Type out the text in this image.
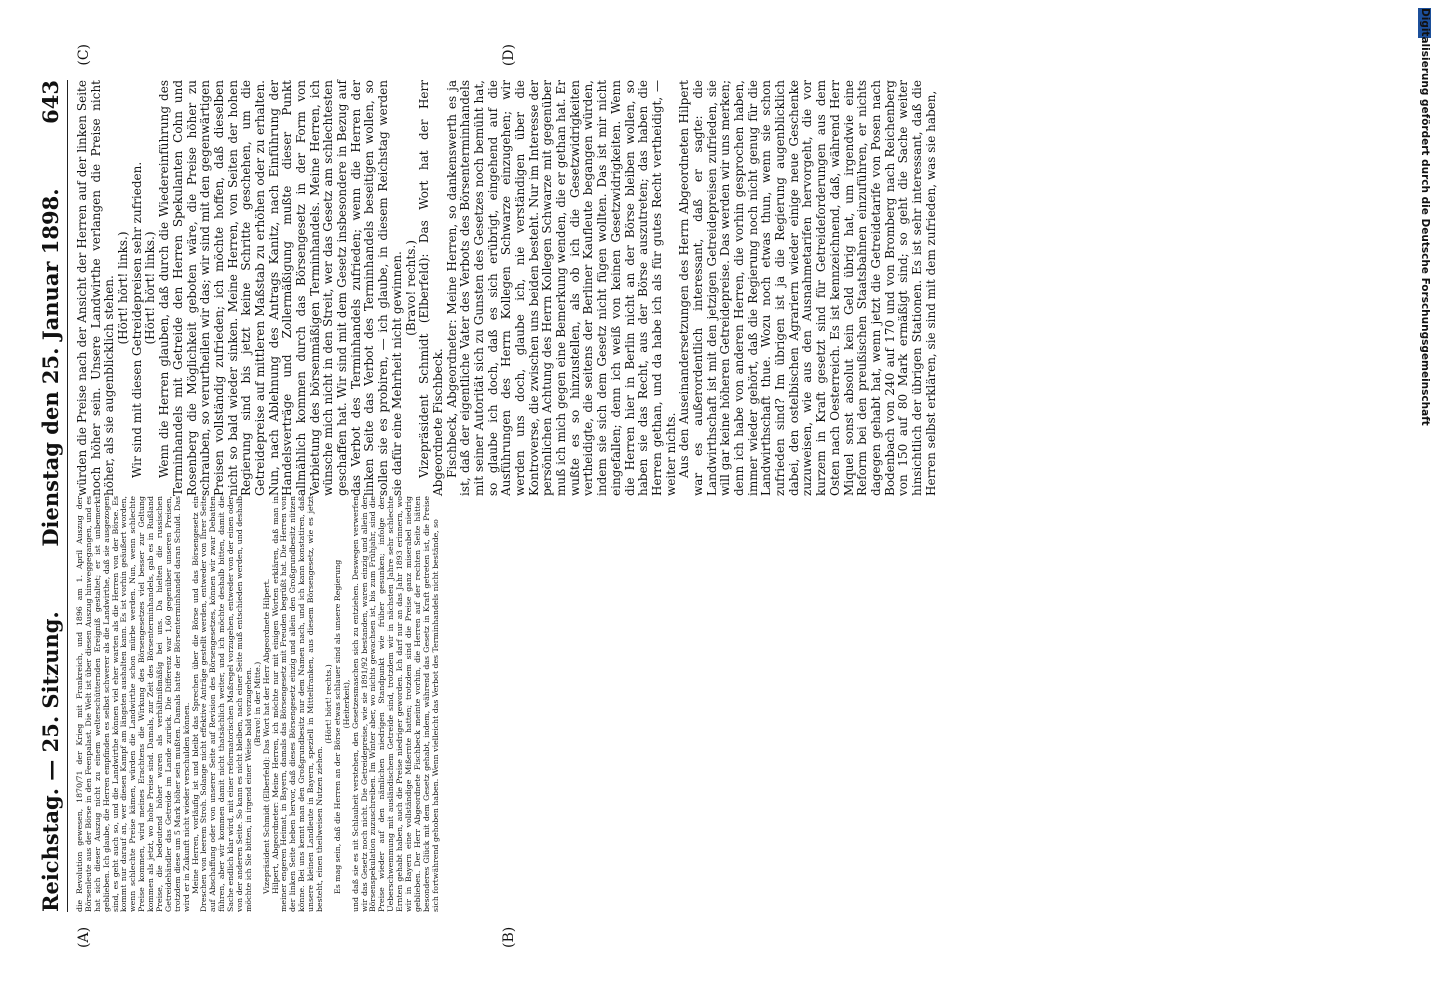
Reichstag. — 25. Sitzung.
Dienstag den 25. Januar 1898.
643
(A)	(B)
(C)	(D)

die Revolution gewesen, 1870/71 der Krieg mit Frankreich, und 1896 am 1. April Auszug der Börsenleute aus der Börse in den Feenpalast. Die Welt ist über diesen Auszug hinweggegangen, und es hat sich dieser Auszug nicht zu einem welterschütternden Ereigniß gestaltet; er ist unbemerkt geblieben. Ich glaube, die Herren empfinden es selbst schwerer als die Landwirthe, daß sie ausgezogen sind, es geht auch so, und die Landwirthe können viel eher warten als die Herren von der Börse. Es kommt nur darauf an, wer diesen Kampf am längsten aushalten kann. Es ist vorhin geäußert worden, wenn schlechte Preise kämen, würden die Landwirthe schon mürbe werden. Nun, wenn schlechte Preise kommen, wird meines Erachtens die Wirkung des Börsengesetzes viel besser zur Geltung kommen als jetzt, wo hohe Preise sind. Damals, zur Zeit des Börsenterminhandels, gab es in Rußland Preise, die bedeutend höher waren als verhältnißmäßig bei uns. Da hielten die russischen Getreidehändler das Getreide im Lande zurück. Die Differenz war 1,60 gegenüber unseren Preisen, trotzdem diese um 5 Mark höher sein mußten. Damals hatte der Börsenterminhandel daran Schuld. Das wird er in Zukunft nicht wieder verschulden können. Meine Herren, vorläufig ist und bleibt das Sprechen über die Börse und das Börsengesetz ein Dreschen von leerem Stroh. Solange nicht effektive Anträge gestellt werden, entweder von Ihrer Seite auf Abschaffung oder von unserer Seite auf Revision des Börsengesetzes, können wir zwar Debatten führen, aber wir kommen damit nicht thatsächlich weiter, und ich möchte deshalb bitten, damit die Sache endlich klar wird, mit einer reformatorischen Maßregel vorzugehen, entweder von der einen oder von der anderen Seite. So kann es nicht bleiben, nach einer Seite muß entschieden werden, und deshalb möchte ich Sie bitten, in irgend einer Weise bald vorzugehen. (Bravo! in der Mitte.) Vizepräsident Schmidt (Elberfeld): Das Wort hat der Herr Abgeordnete Hilpert. Hilpert, Abgeordneter: Meine Herren, ich möchte nur mit einigen Worten erklären, daß man in meiner engeren Heimat, in Bayern, damals das Börsengesetz mit Freuden begrüßt hat. Die Herren von der linken Seite heben hervor, daß dieses Börsengesetz einzig und allein den Großgrundbesitz nützen könne. Bei uns kennt man den Großgrundbesitz nur dem Namen nach, und ich kann konstatiren, daß unsere kleinen Landleute in Bayern, speziell in Mittelfranken, aus diesem Börsengesetz, wie es jetzt besteht, einen theilweisen Nutzen ziehen.

(Hört! hört! rechts.) Es mag sein, daß die Herren an der Börse etwas schlauer sind als unsere Regierung (Heiterkeit), und daß sie es nit Schlauheit verstehen, den Gesetzesmaschen sich zu entziehen. Deswegen verwerfen wir das Gesetz noch nicht. Die Getreidepreise, wie sie 1891/92 bestanden, waren einzig und allein der Börsenspekulation zuzuschreiben. Im Winter aber, wo nichts gewachsen ist, bis zum Frühjahr, sind die Preise wieder auf den nämlichen niedrigen Standpunkt wie früher gesunken; infolge der Ueberschwemmung mit ausländischem Getreide sind, trotzdem wir in nächsten Jahre sehr schlechte Ernten gehabt haben, auch die Preise niedriger geworden. Ich darf nur an das Jahr 1893 erinnern, wo wir in Bayern eine vollständige Mißernte hatten; trotzdem sind die Preise ganz miserabel niedrig geblieben. Der Herr Abgeordnete Fischbeck meinte vorhin, die Herren auf der rechten Seite hätten besonderes Glück mit dem Gesetz gehabt, indem, während das Gesetz in Kraft getreten ist, die Preise sich fortwährend gehoben haben. Wenn vielleicht das Verbot des Terminhandels nicht bestände, so

würden die Preise nach der Ansicht der Herren auf der linken Seite noch höher sein. Unsere Landwirthe verlangen die Preise nicht höher, als sie augenblicklich stehen. (Hört! hört! links.) Wir sind mit diesen Getreidepreisen sehr zufrieden. (Hört! hört! links.) Wenn die Herren glauben, daß durch die Wiedereinführung des Terminhandels mit Getreide den Herren Spekulanten Cohn und Rosenberg die Möglichkeit geboten wäre, die Preise höher zu schrauben, so verurtheilen wir das; wir sind mit den gegenwärtigen Preisen vollständig zufrieden; ich möchte hoffen, daß dieselben nicht so bald wieder sinken. Meine Herren, von Seiten der hohen Regierung sind bis jetzt keine Schritte geschehen, um die Getreidepreise auf mittleren Maßstab zu erhöhen oder zu erhalten. Nun, nach Ablehnung des Antrags Kanitz, nach Einführung der Handelsverträge und Zollermäßigung mußte dieser Punkt allmählich kommen durch das Börsengesetz in der Form von Verbietung des börsenmäßigen Terminhandels. Meine Herren, ich wünsche mich nicht in den Streit, wer das Gesetz am schlechtesten geschaffen hat. Wir sind mit dem Gesetz insbesondere in Bezug auf das Verbot des Terminhandels zufrieden; wenn die Herren der linken Seite das Verbot des Terminhandels beseitigen wollen, so sollen sie es probiren, — ich glaube, in diesem Reichstag werden sie dafür eine Mehrheit nicht gewinnen. (Bravo! rechts.) Vizepräsident Schmidt (Elberfeld): Das Wort hat der Herr Abgeordnete Fischbeck. Fischbeck, Abgeordneter: Meine Herren, so dankenswerth es ja ist, daß der eigentliche Vater des Verbots des Börsenterminhandels mit seiner Autorität sich zu Gunsten des Gesetzes noch bemüht hat, so glaube ich doch, daß es sich erübrigt, eingehend auf die Ausführungen des Herrn Kollegen Schwarze einzugehen; wir werden uns doch, glaube ich, nie verständigen über die Kontroverse, die zwischen uns beiden besteht. Nur im Interesse der persönlichen Achtung des Herrn Kollegen Schwarze mit gegenüber muß ich mich gegen eine Bemerkung wenden, die er gethan hat. Er wußte es so hinzustellen, als ob ich die Gesetzwidrigkeiten vertheidigte, die seitens der Berliner Kaufleute begangen würden, indem sie sich dem Gesetz nicht fügen wollten. Das ist mir nicht eingefallen; denn ich weiß von keinen Gesetzwidrigkeiten. Wenn die Herren hier in Berlin nicht an der Börse bleiben wollen, so haben sie das Recht, aus der Börse auszutreten; das haben die Herren gethan, und da habe ich als für gutes Recht vertheidigt, — weiter nichts. Aus den Auseinandersetzungen des Herrn Abgeordneten Hilpert war es außerordentlich interessant, daß er sagte: die Landwirthschaft ist mit den jetzigen Getreidepreisen zufrieden, sie will gar keine höheren Getreidepreise. Das werden wir uns merken; denn ich habe von anderen Herren, die vorhin gesprochen haben, immer wieder gehört, daß die Regierung noch nicht genug für die Landwirthschaft thue. Wozu noch etwas thun, wenn sie schon zufrieden sind? Im übrigen ist ja die Regierung augenblicklich dabei, den ostelbischen Agrariern wieder einige neue Geschenke zuzuweisen, wie aus den Ausnahmetarifen hervorgeht, die vor kurzem in Kraft gesetzt sind für Getreideforderungen aus dem Osten nach Oesterreich. Es ist kennzeichnend, daß, während Herr Miquel sonst absolut kein Geld übrig hat, um irgendwie eine Reform bei den preußischen Staatsbahnen einzuführen, er nichts dagegen gehabt hat, wenn jetzt die Getreidetarife von Posen nach Bodenbach von 240 auf 170 und von Bromberg nach Reichenberg von 150 auf 80 Mark ermäßigt sind; so geht die Sache weiter hinsichtlich der übrigen Stationen. Es ist sehr interessant, daß die Herren selbst erklären, sie sind mit dem zufrieden, was sie haben,	Digitalisierung gefördert durch die Deutsche Forschungsgemeinschaft
